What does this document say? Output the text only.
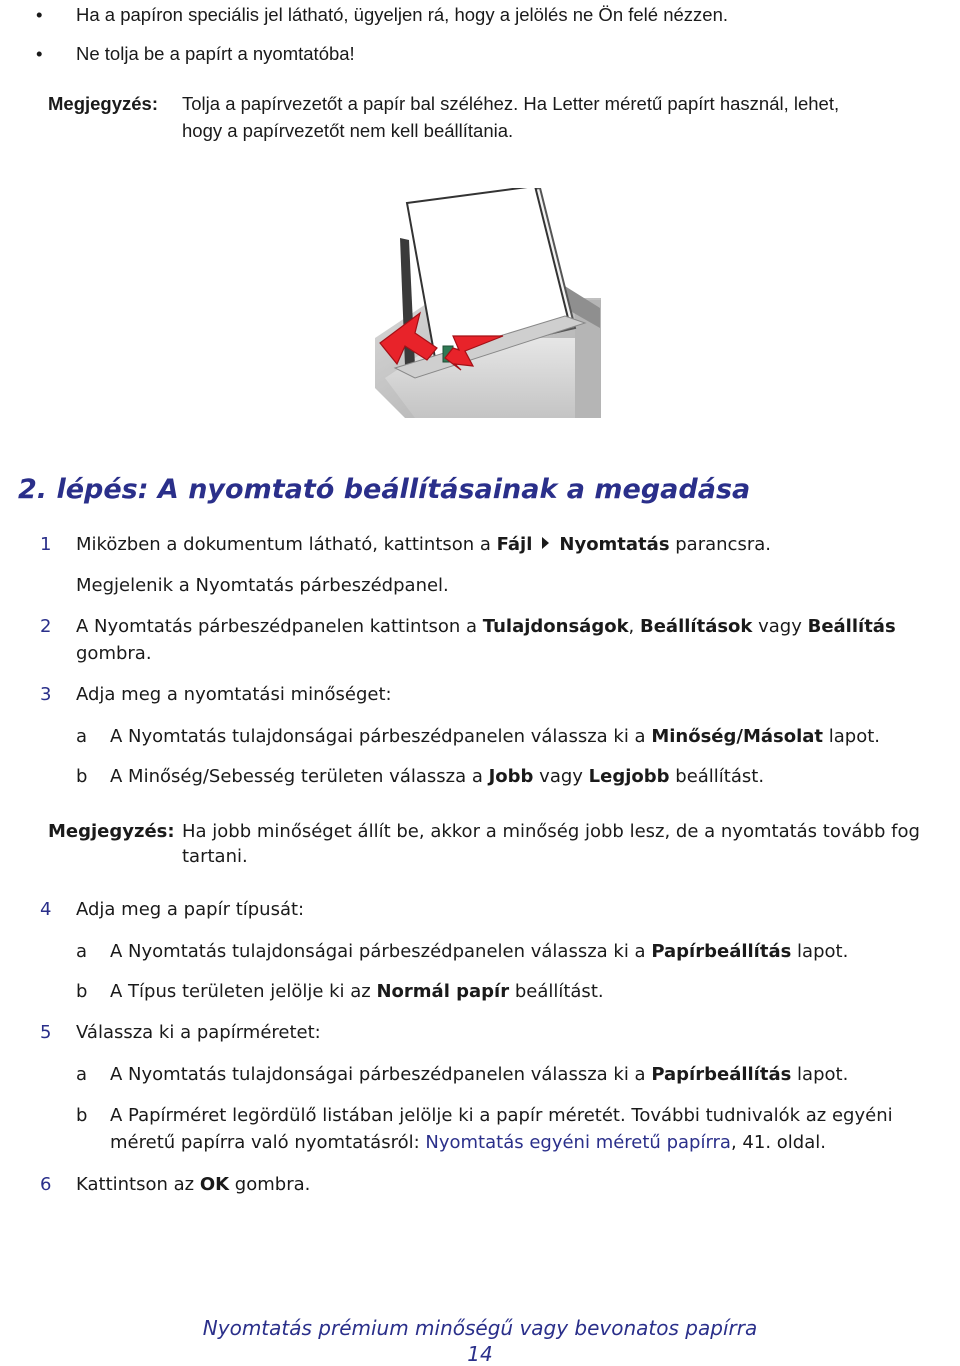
• Ha a papíron speciális jel látható, ügyeljen rá, hogy a jelölés ne Ön felé nézzen.
• Ne tolja be a papírt a nyomtatóba!
Megjegyzés: Tolja a papírvezetőt a papír bal széléhez. Ha Letter méretű papírt használ, lehet,
hogy a papírvezetőt nem kell beállítania.
2. lépés: A nyomtató beállításainak a megadása
1 Miközben a dokumentum látható, kattintson a Fájl Nyomtatás parancsra.
Megjelenik a Nyomtatás párbeszédpanel.
2 A Nyomtatás párbeszédpanelen kattintson a Tulajdonságok, Beállítások vagy Beállítás
gombra.
3 Adja meg a nyomtatási minőséget:
a A Nyomtatás tulajdonságai párbeszédpanelen válassza ki a Minőség/Másolat lapot.
b A Minőség/Sebesség területen válassza a Jobb vagy Legjobb beállítást.
Megjegyzés: Ha jobb minőséget állít be, akkor a minőség jobb lesz, de a nyomtatás tovább fog
tartani.
4 Adja meg a papír típusát:
a A Nyomtatás tulajdonságai párbeszédpanelen válassza ki a Papírbeállítás lapot.
b A Típus területen jelölje ki az Normál papír beállítást.
5 Válassza ki a papírméretet:
a A Nyomtatás tulajdonságai párbeszédpanelen válassza ki a Papírbeállítás lapot.
b A Papírméret legördülő listában jelölje ki a papír méretét. További tudnivalók az egyéni
méretű papírra való nyomtatásról: Nyomtatás egyéni méretű papírra, 41. oldal.
6 Kattintson az OK gombra.
Nyomtatás prémium minőségű vagy bevonatos papírra
14
